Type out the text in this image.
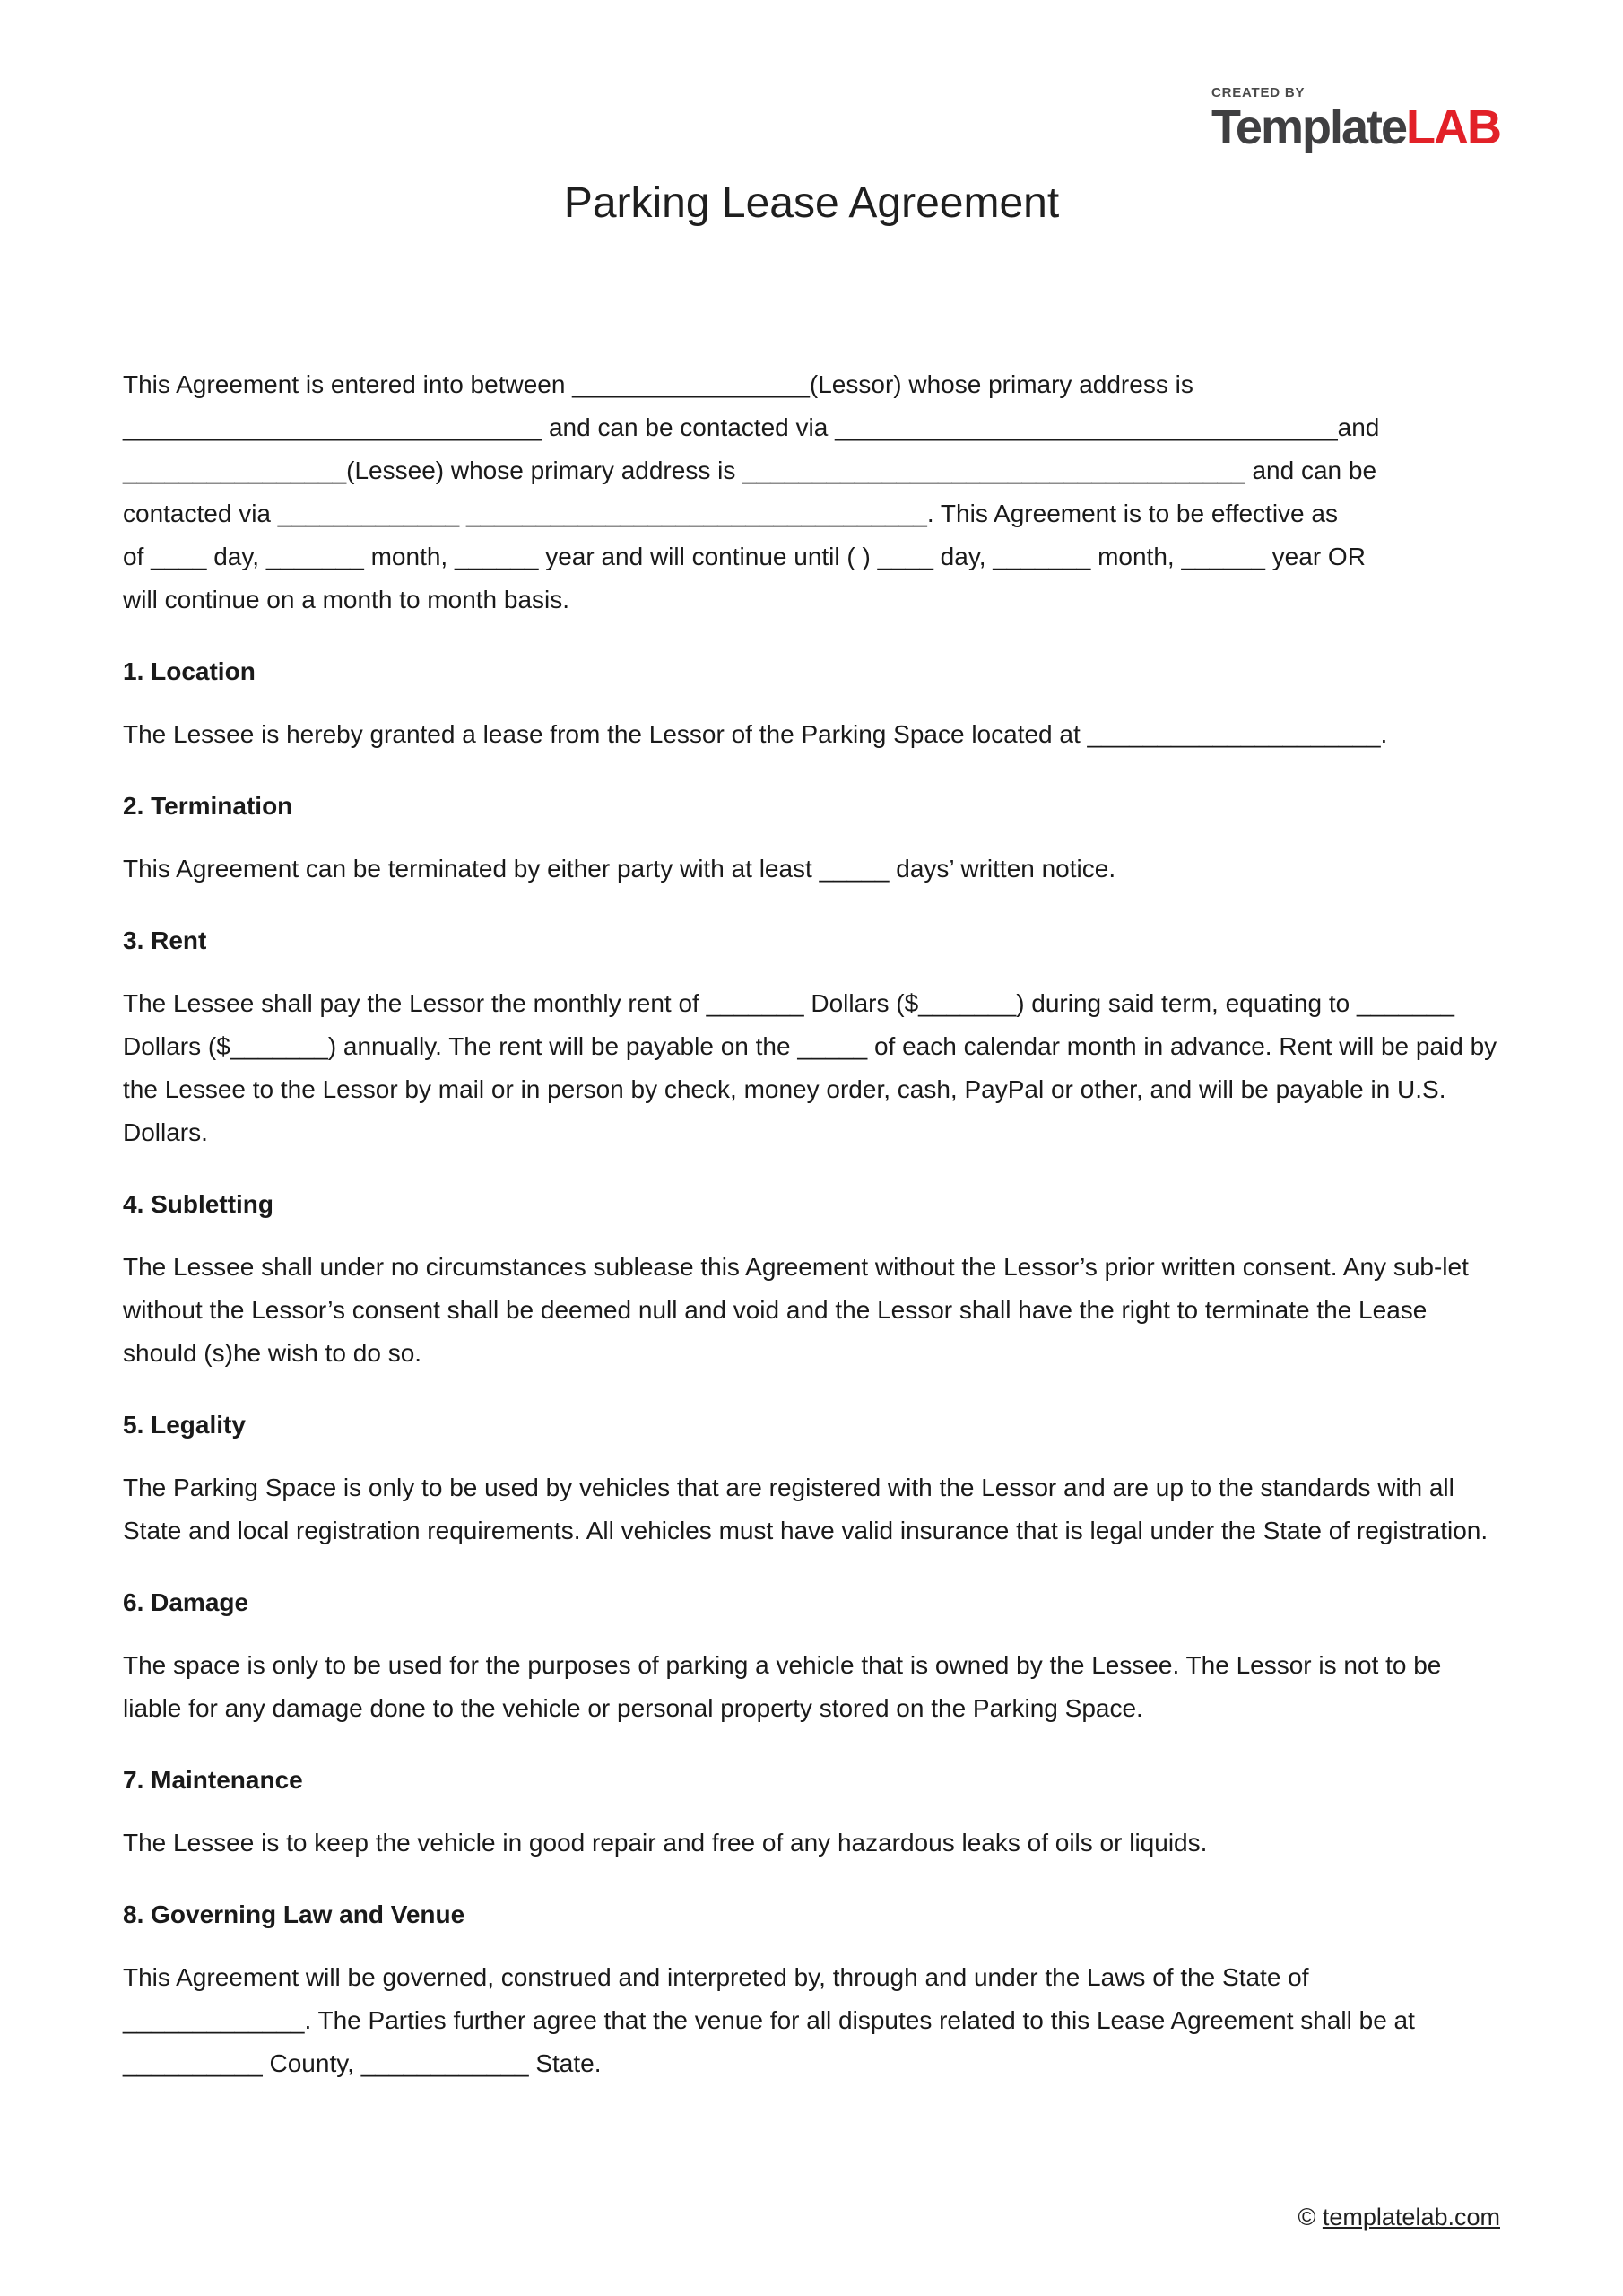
CREATED BY
TemplateLAB
Parking Lease Agreement
This Agreement is entered into between _________________(Lessor) whose primary address is
______________________________ and can be contacted via ____________________________________and
________________(Lessee) whose primary address is ____________________________________ and can be
contacted via _____________ _________________________________. This Agreement is to be effective as
of ____ day, _______ month, ______ year and will continue until ( ) ____ day, _______ month, ______ year OR
will continue on a month to month basis.
1. Location

The Lessee is hereby granted a lease from the Lessor of the Parking Space located at _____________________.

2. Termination

This Agreement can be terminated by either party with at least _____ days’ written notice.

3. Rent

The Lessee shall pay the Lessor the monthly rent of _______ Dollars ($_______) during said term, equating to _______ Dollars ($_______) annually. The rent will be payable on the _____ of each calendar month in advance. Rent will be paid by the Lessee to the Lessor by mail or in person by check, money order, cash, PayPal or other, and will be payable in U.S. Dollars.

4. Subletting

The Lessee shall under no circumstances sublease this Agreement without the Lessor’s prior written consent. Any sub-let without the Lessor’s consent shall be deemed null and void and the Lessor shall have the right to terminate the Lease should (s)he wish to do so.

5. Legality

The Parking Space is only to be used by vehicles that are registered with the Lessor and are up to the standards with all State and local registration requirements. All vehicles must have valid insurance that is legal under the State of registration.

6. Damage

The space is only to be used for the purposes of parking a vehicle that is owned by the Lessee. The Lessor is not to be liable for any damage done to the vehicle or personal property stored on the Parking Space.

7. Maintenance

The Lessee is to keep the vehicle in good repair and free of any hazardous leaks of oils or liquids.

8. Governing Law and Venue

This Agreement will be governed, construed and interpreted by, through and under the Laws of the State of _____________. The Parties further agree that the venue for all disputes related to this Lease Agreement shall be at __________ County, ____________ State.

© templatelab.com
